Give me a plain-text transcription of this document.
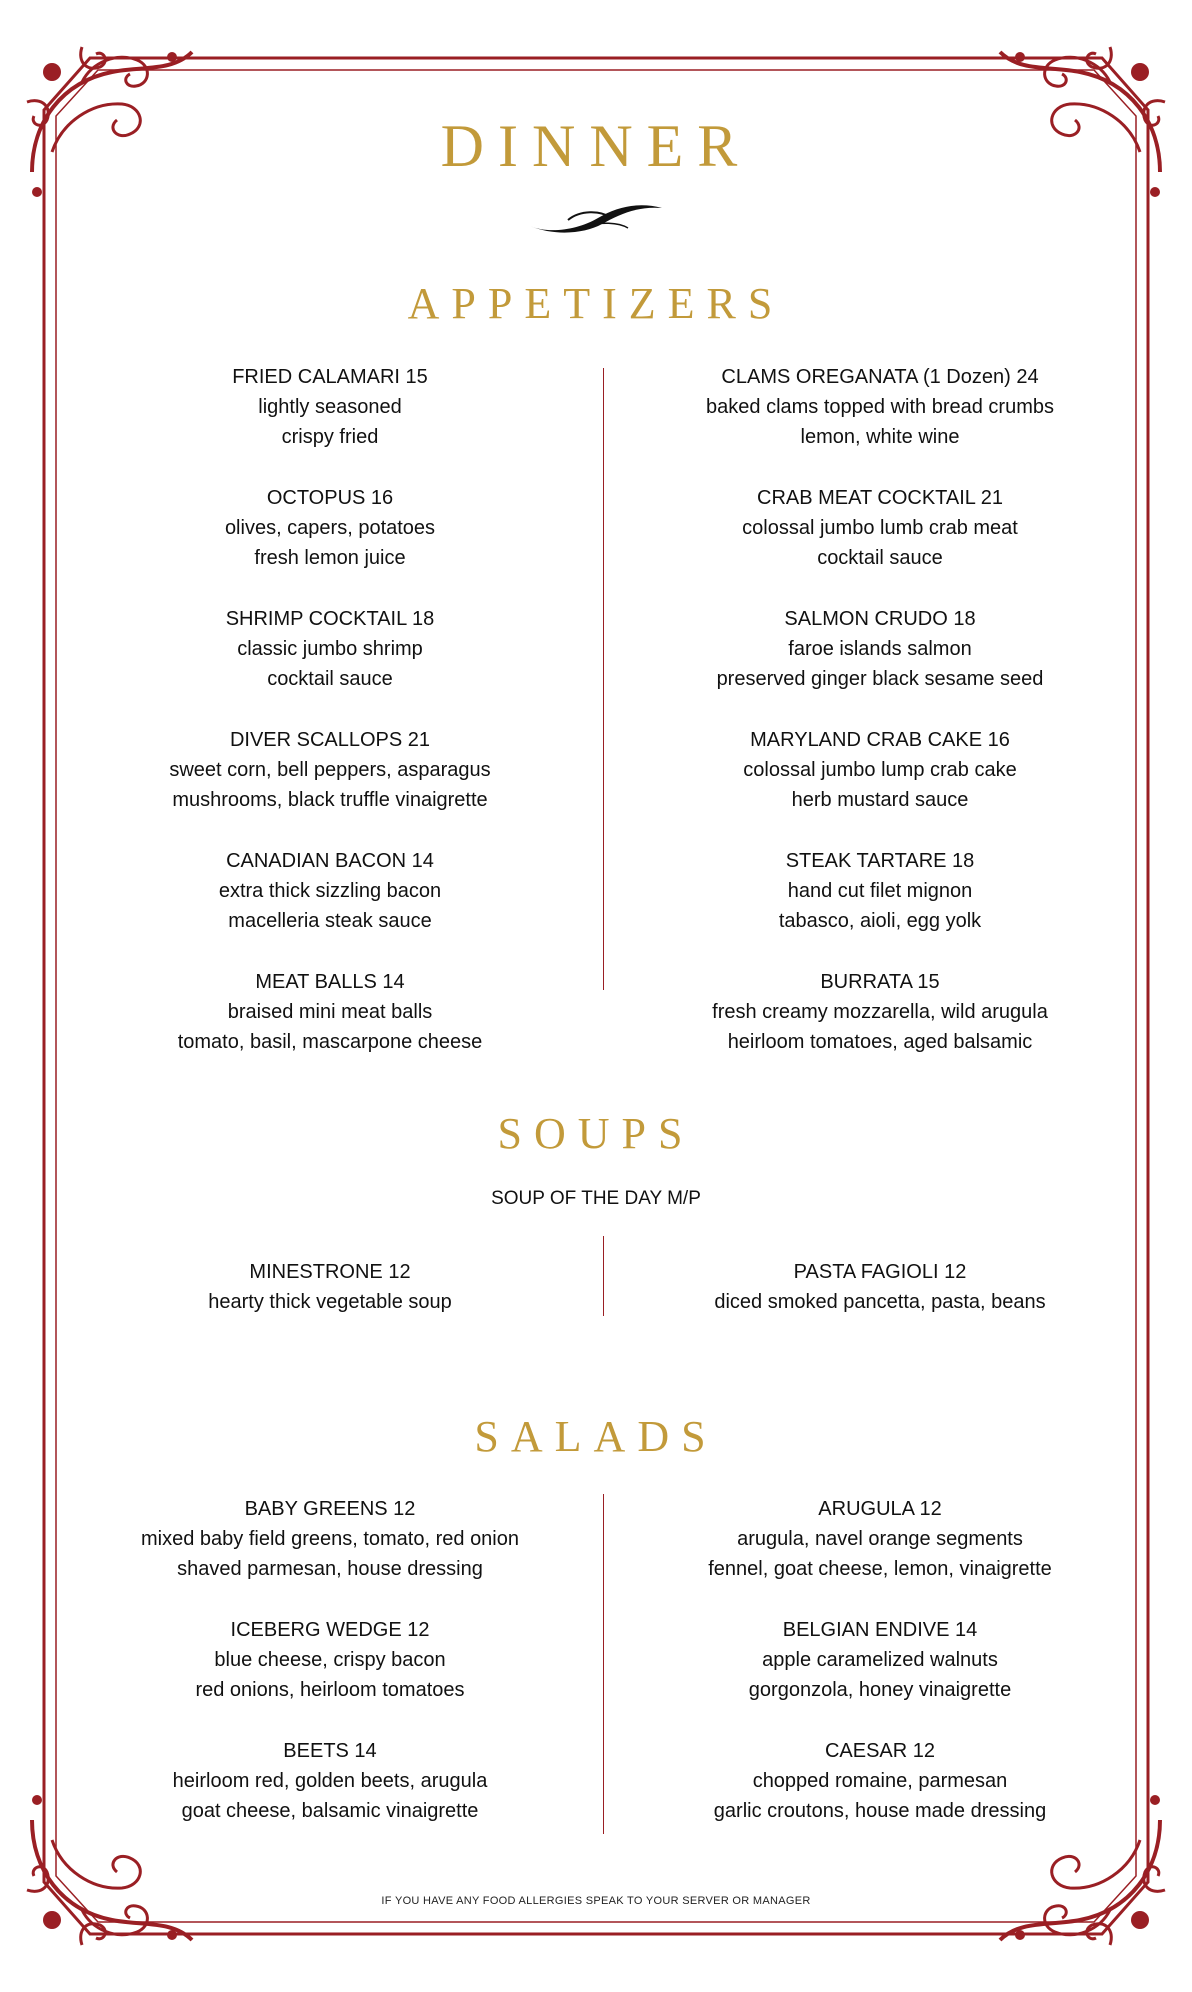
DINNER
APPETIZERS
FRIED CALAMARI 15
lightly seasoned
crispy fried
OCTOPUS 16
olives, capers, potatoes
fresh lemon juice
SHRIMP COCKTAIL 18
classic jumbo shrimp
cocktail sauce
DIVER SCALLOPS 21
sweet corn, bell peppers, asparagus
mushrooms, black truffle vinaigrette
CANADIAN BACON 14
extra thick sizzling bacon
macelleria steak sauce
MEAT BALLS 14
braised mini meat balls
tomato, basil, mascarpone cheese
CLAMS OREGANATA (1 Dozen) 24
baked clams topped with bread crumbs
lemon, white wine
CRAB MEAT COCKTAIL 21
colossal jumbo lumb crab meat
cocktail sauce
SALMON CRUDO 18
faroe islands salmon
preserved ginger black sesame seed
MARYLAND CRAB CAKE 16
colossal jumbo lump crab cake
herb mustard sauce
STEAK TARTARE 18
hand cut filet mignon
tabasco, aioli, egg yolk
BURRATA 15
fresh creamy mozzarella, wild arugula
heirloom tomatoes, aged balsamic
SOUPS
SOUP OF THE DAY M/P
MINESTRONE 12
hearty thick vegetable soup
PASTA FAGIOLI 12
diced smoked pancetta, pasta, beans
SALADS
BABY GREENS 12
mixed baby field greens, tomato, red onion
shaved parmesan, house dressing
ICEBERG WEDGE 12
blue cheese, crispy bacon
red onions, heirloom tomatoes
BEETS 14
heirloom red, golden beets, arugula
goat cheese, balsamic vinaigrette
ARUGULA 12
arugula, navel orange segments
fennel, goat cheese, lemon, vinaigrette
BELGIAN ENDIVE 14
apple caramelized walnuts
gorgonzola, honey vinaigrette
CAESAR 12
chopped romaine, parmesan
garlic croutons, house made dressing
IF YOU HAVE ANY FOOD ALLERGIES SPEAK TO YOUR SERVER OR MANAGER
